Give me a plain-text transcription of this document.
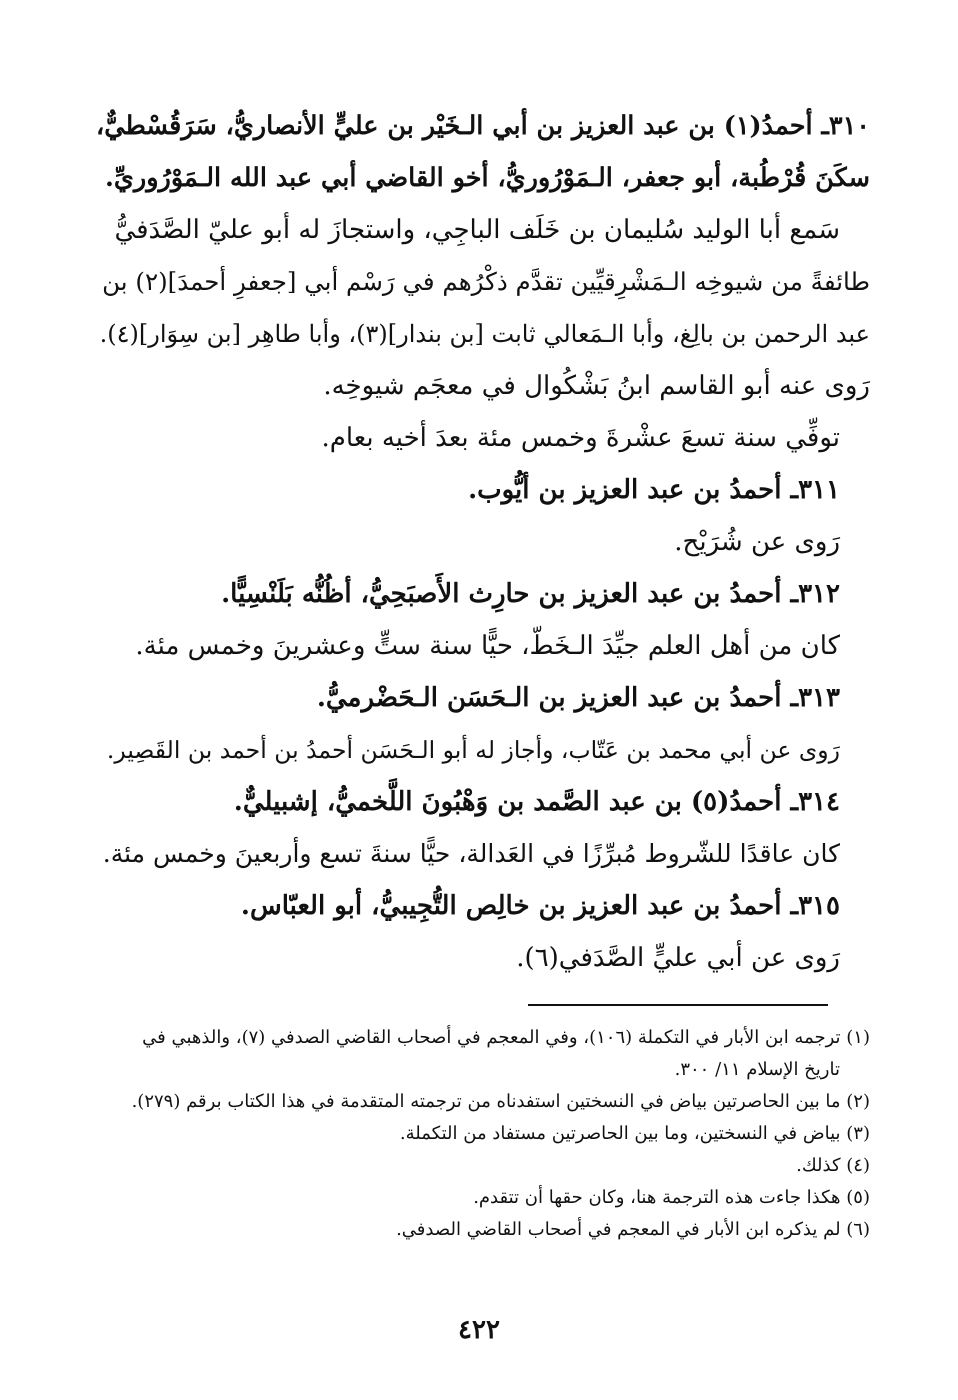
٣١٠ـ أحمدُ(١) بن عبد العزيز بن أبي الـخَيْر بن عليٍّ الأنصاريُّ، سَرَقُسْطيٌّ،
سكَنَ قُرْطُبة، أبو جعفر، الـمَوْرُوريُّ، أخو القاضي أبي عبد الله الـمَوْرُوريِّ.
سَمع أبا الوليد سُليمان بن خَلَف الباجِي، واستجازَ له أبو عليّ الصَّدَفيُّ
طائفةً من شيوخِه الـمَشْرِقيِّين تقدَّم ذكْرُهم في رَسْم أبي [جعفرِ أحمدَ](٢) بن
عبد الرحمن بن بالِغ، وأبا الـمَعالي ثابت [بن بندار](٣)، وأبا طاهِر [بن سِوَار](٤).
رَوى عنه أبو القاسم ابنُ بَشْكُوال في معجَم شيوخِه.
توفِّي سنة تسعَ عشْرةَ وخمس مئة بعدَ أخيه بعام.
٣١١ـ أحمدُ بن عبد العزيز بن أيُّوب.
رَوى عن شُرَيْح.
٣١٢ـ أحمدُ بن عبد العزيز بن حارِث الأَصبَحِيُّ، أظُنُّه بَلَنْسِيًّا.
كان من أهل العلم جيِّدَ الـخَطّ، حيًّا سنة ستٍّ وعشرينَ وخمس مئة.
٣١٣ـ أحمدُ بن عبد العزيز بن الـحَسَن الـحَضْرميُّ.
رَوى عن أبي محمد بن عَتّاب، وأجاز له أبو الـحَسَن أحمدُ بن أحمد بن القَصِير.
٣١٤ـ أحمدُ(٥) بن عبد الصَّمد بن وَهْبُونَ اللَّخميُّ، إشبيليٌّ.
كان عاقدًا للشّروط مُبرِّزًا في العَدالة، حيًّا سنةَ تسع وأربعينَ وخمس مئة.
٣١٥ـ أحمدُ بن عبد العزيز بن خالِص التُّجِيبيُّ، أبو العبّاس.
رَوى عن أبي عليٍّ الصَّدَفي(٦).
(١) ترجمه ابن الأبار في التكملة (١٠٦)، وفي المعجم في أصحاب القاضي الصدفي (٧)، والذهبي في
تاريخ الإسلام ١١/ ٣٠٠.
(٢) ما بين الحاصرتين بياض في النسختين استفدناه من ترجمته المتقدمة في هذا الكتاب برقم (٢٧٩).
(٣) بياض في النسختين، وما بين الحاصرتين مستفاد من التكملة.
(٤) كذلك.
(٥) هكذا جاءت هذه الترجمة هنا، وكان حقها أن تتقدم.
(٦) لم يذكره ابن الأبار في المعجم في أصحاب القاضي الصدفي.
٤٢٢
